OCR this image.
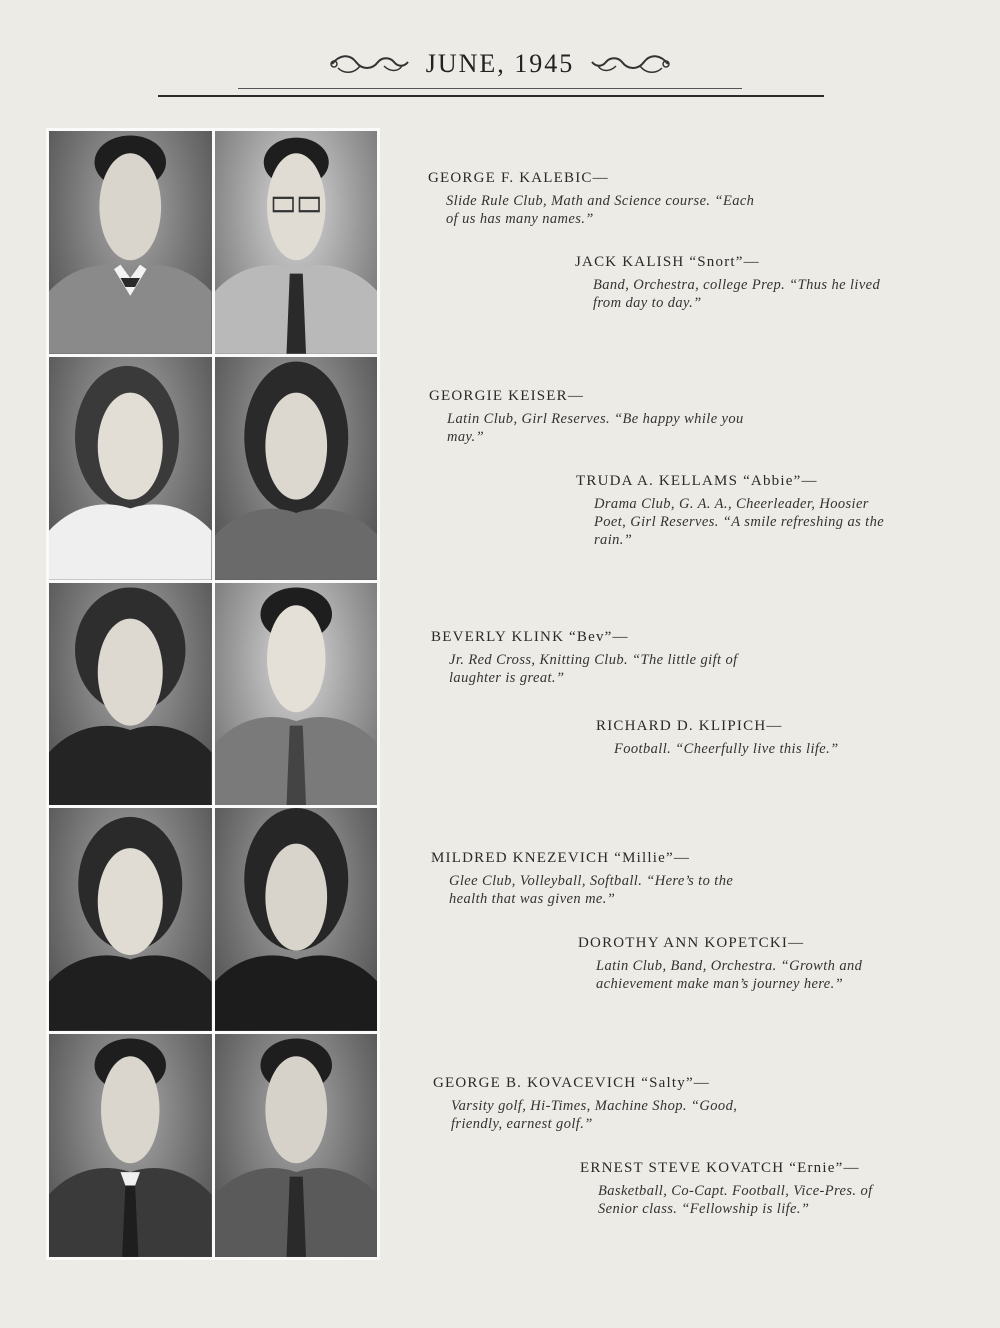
JUNE, 1945
GEORGE F. KALEBIC—
Slide Rule Club, Math and Science course. “Each
of us has many names.”
JACK KALISH “Snort”—
Band, Orchestra, college Prep. “Thus he lived
from day to day.”
GEORGIE KEISER—
Latin Club, Girl Reserves. “Be happy while you
may.”
TRUDA A. KELLAMS “Abbie”—
Drama Club, G. A. A., Cheerleader, Hoosier
Poet, Girl Reserves. “A smile refreshing as the
rain.”
BEVERLY KLINK “Bev”—
Jr. Red Cross, Knitting Club. “The little gift of
laughter is great.”
RICHARD D. KLIPICH—
Football. “Cheerfully live this life.”
MILDRED KNEZEVICH “Millie”—
Glee Club, Volleyball, Softball. “Here’s to the
health that was given me.”
DOROTHY ANN KOPETCKI—
Latin Club, Band, Orchestra. “Growth and
achievement make man’s journey here.”
GEORGE B. KOVACEVICH “Salty”—
Varsity golf, Hi-Times, Machine Shop. “Good,
friendly, earnest golf.”
ERNEST STEVE KOVATCH “Ernie”—
Basketball, Co-Capt. Football, Vice-Pres. of
Senior class. “Fellowship is life.”
